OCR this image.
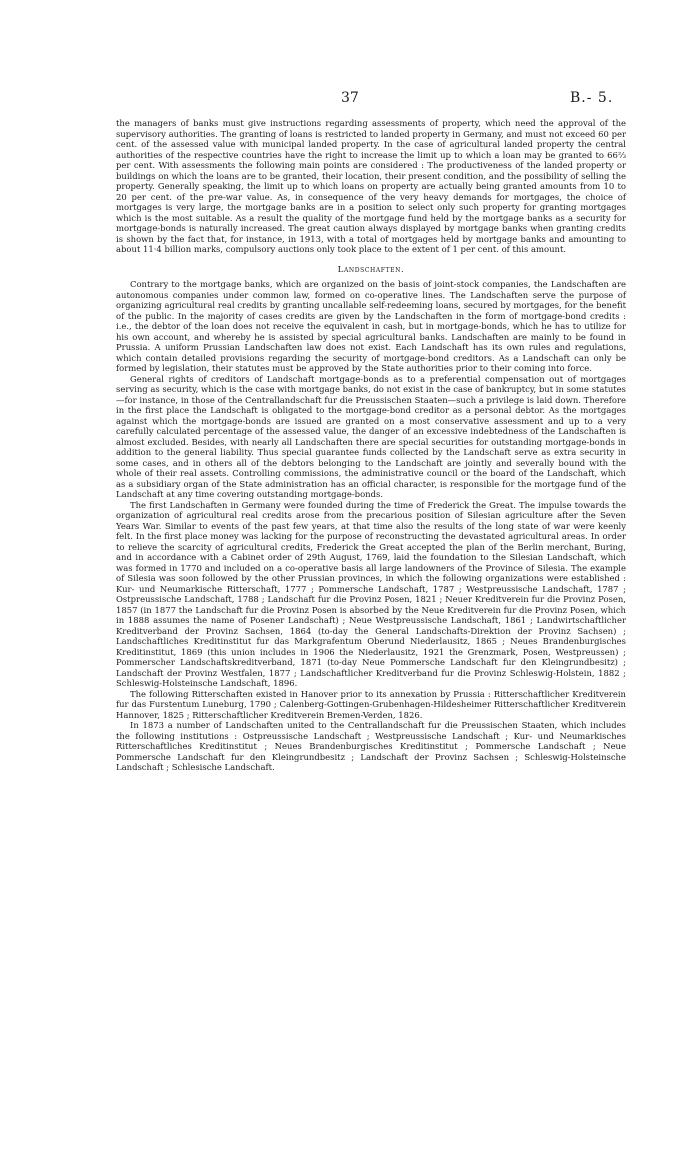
37	B.- 5.

the managers of banks must give instructions regarding assessments of property, which need the approval of the supervisory authorities. The granting of loans is restricted to landed property in Germany, and must not exceed 60 per cent. of the assessed value with municipal landed property. In the case of agricultural landed property the central authorities of the respective countries have the right to increase the limit up to which a loan may be granted to 66⅔ per cent. With assessments the following main points are considered : The productiveness of the landed property or buildings on which the loans are to be granted, their location, their present condition, and the possibility of selling the property. Generally speaking, the limit up to which loans on property are actually being granted amounts from 10 to 20 per cent. of the pre-war value. As, in consequence of the very heavy demands for mortgages, the choice of mortgages is very large, the mortgage banks are in a position to select only such property for granting mortgages which is the most suitable. As a result the quality of the mortgage fund held by the mortgage banks as a security for mortgage-bonds is naturally increased. The great caution always displayed by mortgage banks when granting credits is shown by the fact that, for instance, in 1913, with a total of mortgages held by mortgage banks and amounting to about 11·4 billion marks, compulsory auctions only took place to the extent of 1 per cent. of this amount.

Landschaften.

Contrary to the mortgage banks, which are organized on the basis of joint-stock companies, the Landschaften are autonomous companies under common law, formed on co-operative lines. The Landschaften serve the purpose of organizing agricultural real credits by granting uncallable self-redeeming loans, secured by mortgages, for the benefit of the public. In the majority of cases credits are given by the Landschaften in the form of mortgage-bond credits : i.e., the debtor of the loan does not receive the equivalent in cash, but in mortgage-bonds, which he has to utilize for his own account, and whereby he is assisted by special agricultural banks. Landschaften are mainly to be found in Prussia. A uniform Prussian Landschaften law does not exist. Each Landschaft has its own rules and regulations, which contain detailed provisions regarding the security of mortgage-bond creditors. As a Landschaft can only be formed by legislation, their statutes must be approved by the State authorities prior to their coming into force.

General rights of creditors of Landschaft mortgage-bonds as to a preferential compensation out of mortgages serving as security, which is the case with mortgage banks, do not exist in the case of bankruptcy, but in some statutes—for instance, in those of the Centrallandschaft fur die Preussischen Staaten—such a privilege is laid down. Therefore in the first place the Landschaft is obligated to the mortgage-bond creditor as a personal debtor. As the mortgages against which the mortgage-bonds are issued are granted on a most conservative assessment and up to a very carefully calculated percentage of the assessed value, the danger of an excessive indebtedness of the Landschaften is almost excluded. Besides, with nearly all Landschaften there are special securities for outstanding mortgage-bonds in addition to the general liability. Thus special guarantee funds collected by the Landschaft serve as extra security in some cases, and in others all of the debtors belonging to the Landschaft are jointly and severally bound with the whole of their real assets. Controlling commissions, the administrative council or the board of the Landschaft, which as a subsidiary organ of the State administration has an official character, is responsible for the mortgage fund of the Landschaft at any time covering outstanding mortgage-bonds.

The first Landschaften in Germany were founded during the time of Frederick the Great. The impulse towards the organization of agricultural real credits arose from the precarious position of Silesian agriculture after the Seven Years War. Similar to events of the past few years, at that time also the results of the long state of war were keenly felt. In the first place money was lacking for the purpose of reconstructing the devastated agricultural areas. In order to relieve the scarcity of agricultural credits, Frederick the Great accepted the plan of the Berlin merchant, Buring, and in accordance with a Cabinet order of 29th August, 1769, laid the foundation to the Silesian Landschaft, which was formed in 1770 and included on a co-operative basis all large landowners of the Province of Silesia. The example of Silesia was soon followed by the other Prussian provinces, in which the following organizations were established : Kur- und Neumarkische Ritterschaft, 1777 ; Pommersche Landschaft, 1787 ; Westpreussische Landschaft, 1787 ; Ostpreussische Landschaft, 1788 ; Landschaft fur die Provinz Posen, 1821 ; Neuer Kreditverein fur die Provinz Posen, 1857 (in 1877 the Landschaft fur die Provinz Posen is absorbed by the Neue Kreditverein fur die Provinz Posen, which in 1888 assumes the name of Posener Landschaft) ; Neue Westpreussische Landschaft, 1861 ; Landwirtschaftlicher Kreditverband der Provinz Sachsen, 1864 (to-day the General Landschafts-Direktion der Provinz Sachsen) ; Landschaftliches Kreditinstitut fur das Markgrafentum Oberund Niederlausitz, 1865 ; Neues Brandenburgisches Kreditinstitut, 1869 (this union includes in 1906 the Niederlausitz, 1921 the Grenzmark, Posen, Westpreussen) ; Pommerscher Landschaftskreditverband, 1871 (to-day Neue Pommersche Landschaft fur den Kleingrundbesitz) ; Landschaft der Provinz Westfalen, 1877 ; Landschaftlicher Kreditverband fur die Provinz Schleswig-Holstein, 1882 ; Schleswig-Holsteinsche Landschaft, 1896.

The following Ritterschaften existed in Hanover prior to its annexation by Prussia : Ritterschaftlicher Kreditverein fur das Furstentum Luneburg, 1790 ; Calenberg-Gottingen-Grubenhagen-Hildesheimer Ritterschaftlicher Kreditverein Hannover, 1825 ; Ritterschaftlicher Kreditverein Bremen-Verden, 1826.

In 1873 a number of Landschaften united to the Centrallandschaft fur die Preussischen Staaten, which includes the following institutions : Ostpreussische Landschaft ; Westpreussische Landschaft ; Kur- und Neumarkisches Ritterschaftliches Kreditinstitut ; Neues Brandenburgisches Kreditinstitut ; Pommersche Landschaft ; Neue Pommersche Landschaft fur den Kleingrundbesitz ; Landschaft der Provinz Sachsen ; Schleswig-Holsteinsche Landschaft ; Schlesische Landschaft.
